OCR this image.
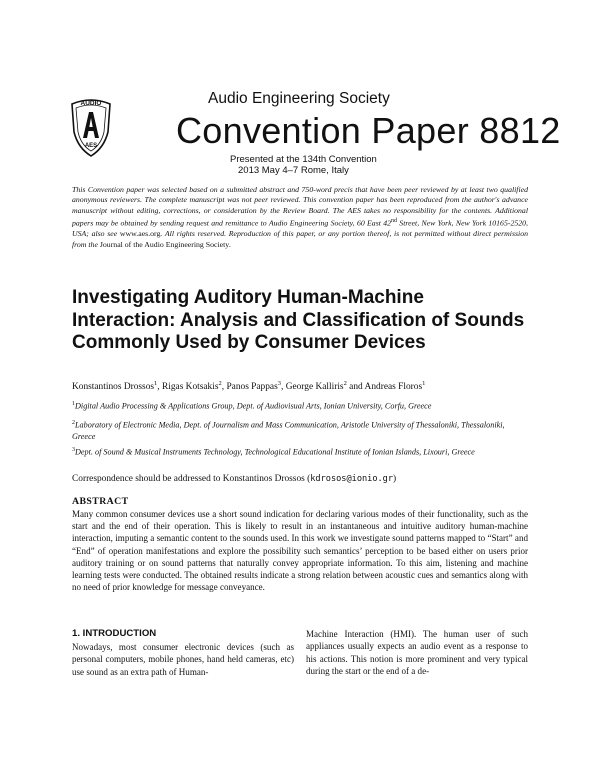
AUDIO
AES
Audio Engineering Society
Convention Paper 8812
Presented at the 134th Convention
2013 May 4–7 Rome, Italy
This Convention paper was selected based on a submitted abstract and 750-word precis that have been peer reviewed by at least two qualified anonymous reviewers. The complete manuscript was not peer reviewed. This convention paper has been reproduced from the author's advance manuscript without editing, corrections, or consideration by the Review Board. The AES takes no responsibility for the contents. Additional papers may be obtained by sending request and remittance to Audio Engineering Society, 60 East 42nd Street, New York, New York 10165-2520, USA; also see www.aes.org. All rights reserved. Reproduction of this paper, or any portion thereof, is not permitted without direct permission from the Journal of the Audio Engineering Society.
Investigating Auditory Human-Machine Interaction: Analysis and Classification of Sounds Commonly Used by Consumer Devices
Konstantinos Drossos$^1$, Rigas Kotsakis$^2$, Panos Pappas$^3$, George Kalliris$^2$ and Andreas Floros$^1$
$^1$Digital Audio Processing & Applications Group, Dept. of Audiovisual Arts, Ionian University, Corfu, Greece
$^2$Laboratory of Electronic Media, Dept. of Journalism and Mass Communication, Aristotle University of Thessaloniki, Thessaloniki, Greece
$^3$Dept. of Sound & Musical Instruments Technology, Technological Educational Institute of Ionian Islands, Lixouri, Greece
Correspondence should be addressed to Konstantinos Drossos (kdrosos@ionio.gr)
ABSTRACT
Many common consumer devices use a short sound indication for declaring various modes of their functionality, such as the start and the end of their operation. This is likely to result in an instantaneous and intuitive auditory human-machine interaction, imputing a semantic content to the sounds used. In this work we investigate sound patterns mapped to “Start” and “End” of operation manifestations and explore the possibility such semantics’ perception to be based either on users prior auditory training or on sound patterns that naturally convey appropriate information. To this aim, listening and machine learning tests were conducted. The obtained results indicate a strong relation between acoustic cues and semantics along with no need of prior knowledge for message conveyance.
1. INTRODUCTION
Nowadays, most consumer electronic devices (such as personal computers, mobile phones, hand held cameras, etc) use sound as an extra path of Human-
Machine Interaction (HMI). The human user of such appliances usually expects an audio event as a response to his actions. This notion is more prominent and very typical during the start or the end of a de-
